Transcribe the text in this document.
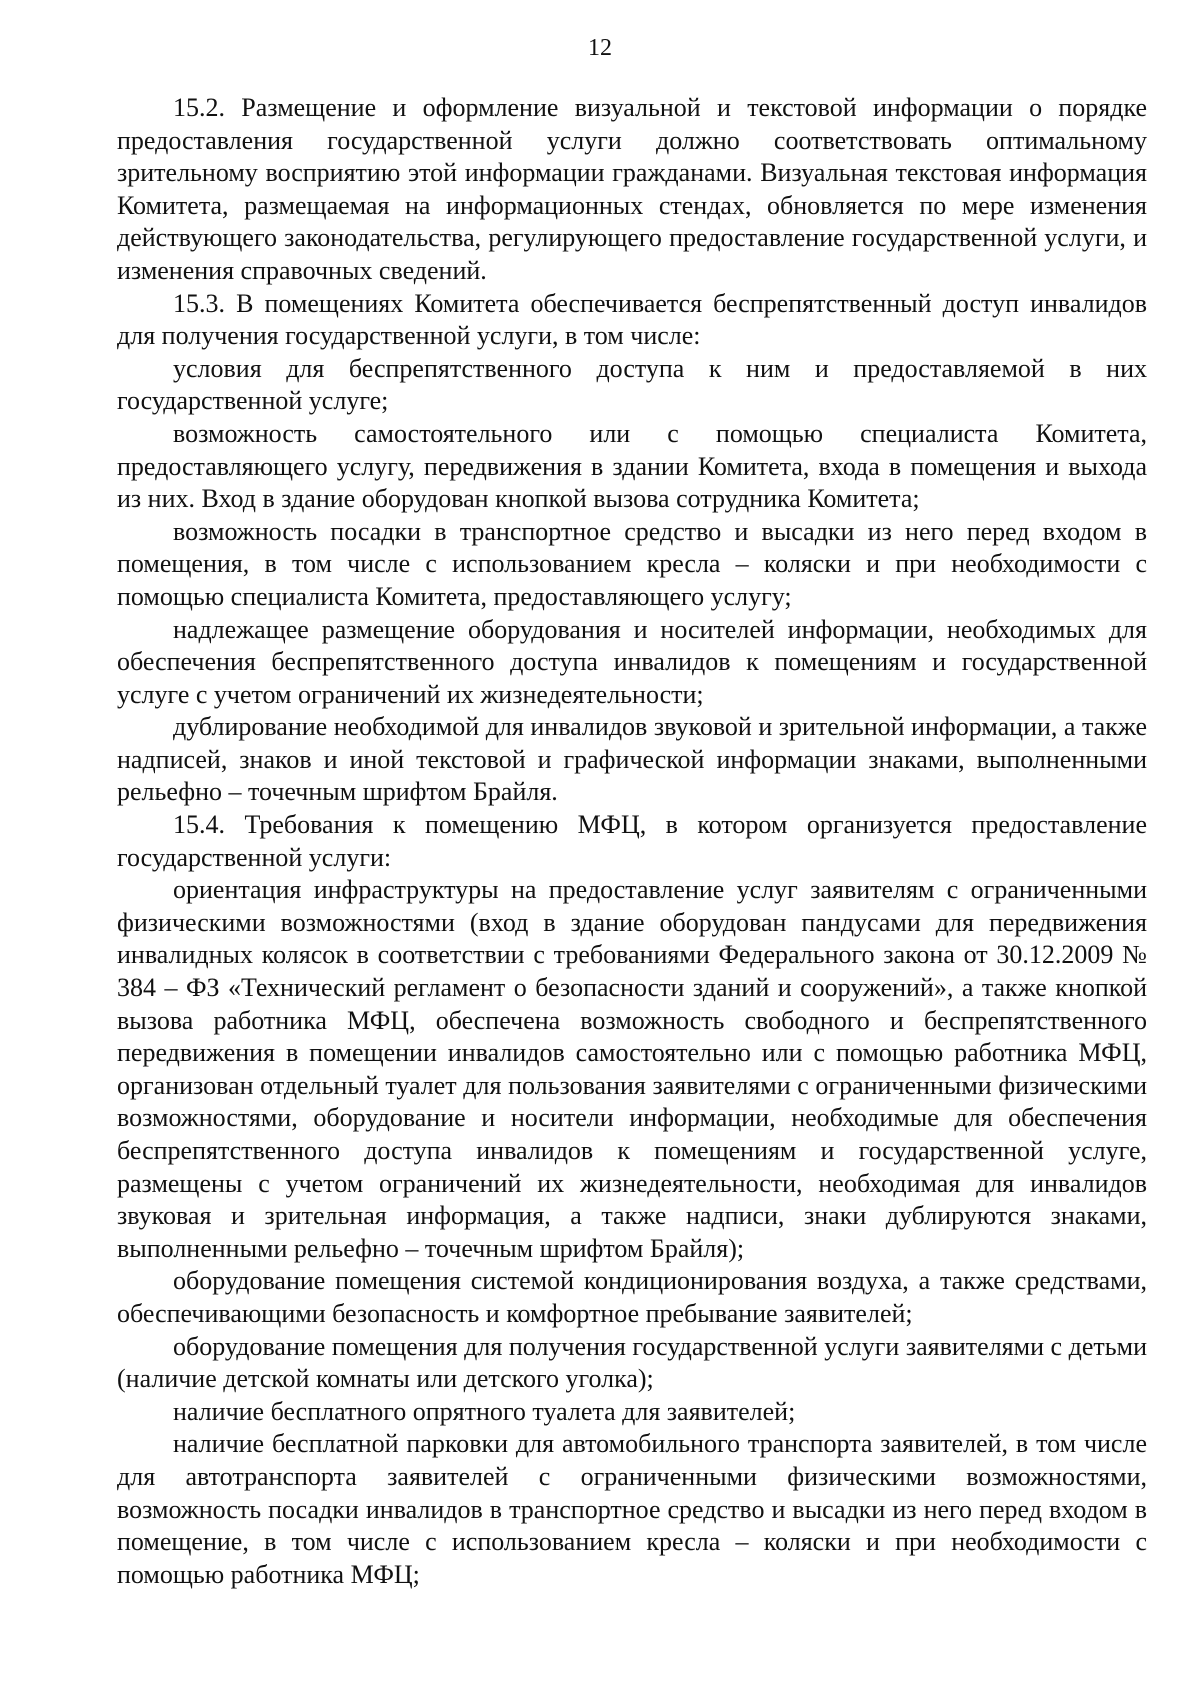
12

15.2. Размещение и оформление визуальной и текстовой информации о порядке предоставления государственной услуги должно соответствовать оптимальному зрительному восприятию этой информации гражданами. Визуальная текстовая информация Комитета, размещаемая на информационных стендах, обновляется по мере изменения действующего законодательства, регулирующего предоставление государственной услуги, и изменения справочных сведений.

15.3. В помещениях Комитета обеспечивается беспрепятственный доступ инвалидов для получения государственной услуги, в том числе:

условия для беспрепятственного доступа к ним и предоставляемой в них государственной услуге;

возможность самостоятельного или с помощью специалиста Комитета, предоставляющего услугу, передвижения в здании Комитета, входа в помещения и выхода из них. Вход в здание оборудован кнопкой вызова сотрудника Комитета;

возможность посадки в транспортное средство и высадки из него перед входом в помещения, в том числе с использованием кресла – коляски и при необходимости с помощью специалиста Комитета, предоставляющего услугу;

надлежащее размещение оборудования и носителей информации, необходимых для обеспечения беспрепятственного доступа инвалидов к помещениям и государственной услуге с учетом ограничений их жизнедеятельности;

дублирование необходимой для инвалидов звуковой и зрительной информации, а также надписей, знаков и иной текстовой и графической информации знаками, выполненными рельефно – точечным шрифтом Брайля.

15.4. Требования к помещению МФЦ, в котором организуется предоставление государственной услуги:

ориентация инфраструктуры на предоставление услуг заявителям с ограниченными физическими возможностями (вход в здание оборудован пандусами для передвижения инвалидных колясок в соответствии с требованиями Федерального закона от 30.12.2009 № 384 – ФЗ «Технический регламент о безопасности зданий и сооружений», а также кнопкой вызова работника МФЦ, обеспечена возможность свободного и беспрепятственного передвижения в помещении инвалидов самостоятельно или с помощью работника МФЦ, организован отдельный туалет для пользования заявителями с ограниченными физическими возможностями, оборудование и носители информации, необходимые для обеспечения беспрепятственного доступа инвалидов к помещениям и государственной услуге, размещены с учетом ограничений их жизнедеятельности, необходимая для инвалидов звуковая и зрительная информация, а также надписи, знаки дублируются знаками, выполненными рельефно – точечным шрифтом Брайля);

оборудование помещения системой кондиционирования воздуха, а также средствами, обеспечивающими безопасность и комфортное пребывание заявителей;

оборудование помещения для получения государственной услуги заявителями с детьми (наличие детской комнаты или детского уголка);

наличие бесплатного опрятного туалета для заявителей;

наличие бесплатной парковки для автомобильного транспорта заявителей, в том числе для автотранспорта заявителей с ограниченными физическими возможностями, возможность посадки инвалидов в транспортное средство и высадки из него перед входом в помещение, в том числе с использованием кресла – коляски и при необходимости с помощью работника МФЦ;
